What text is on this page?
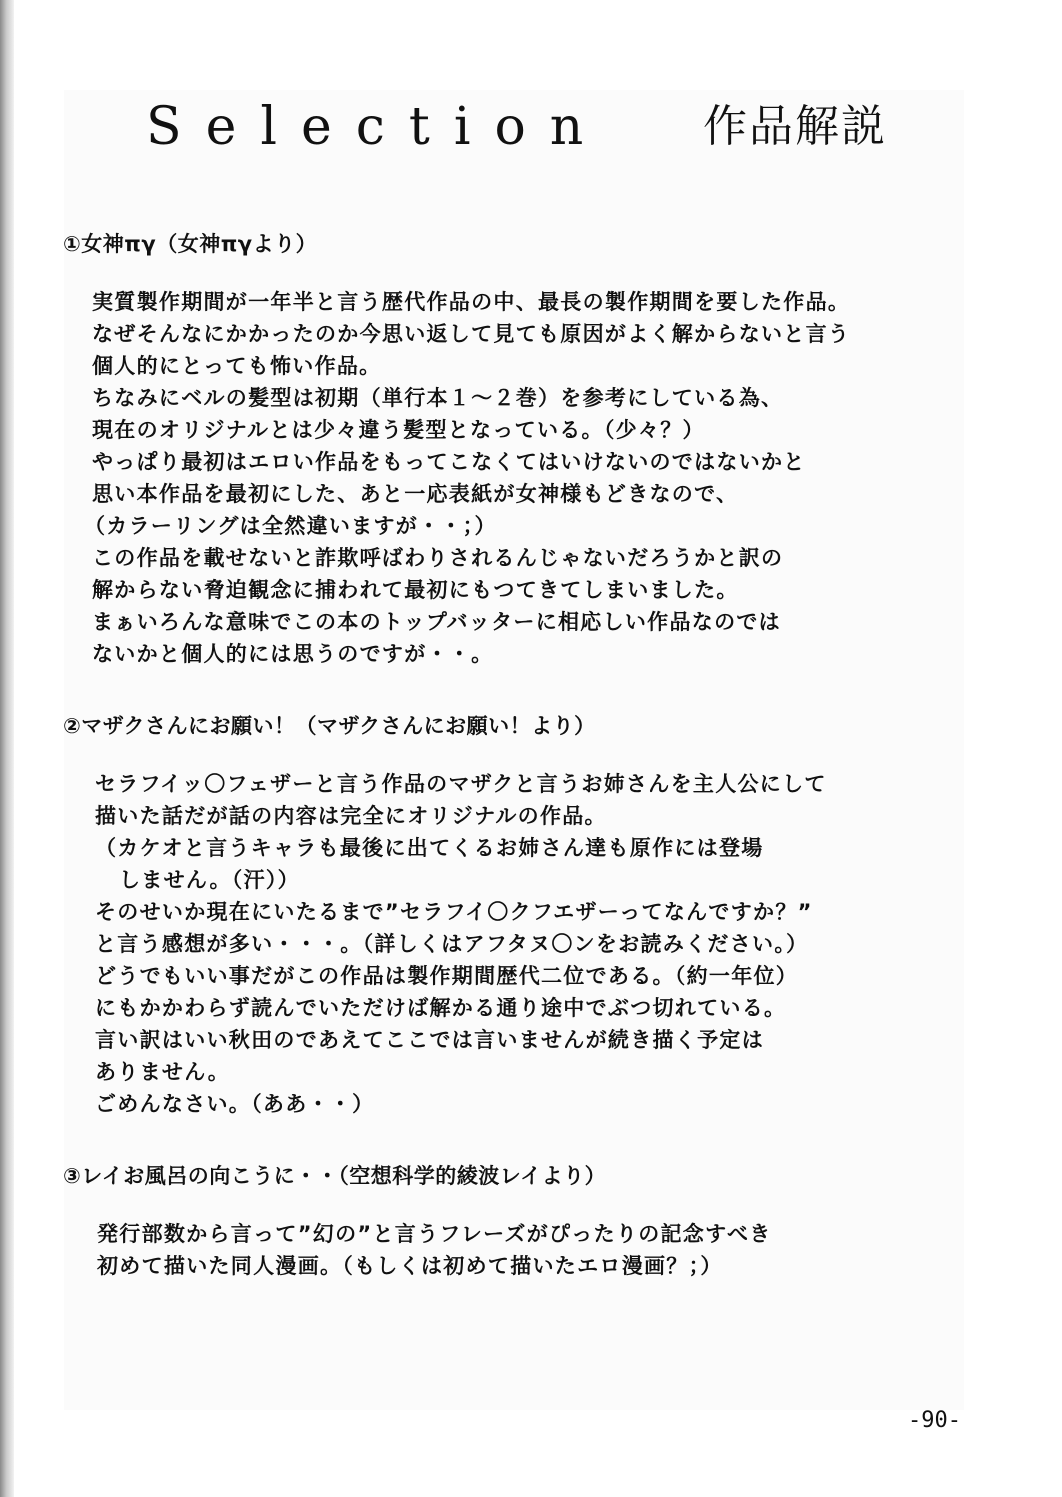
Selection 作品解説
①女神πγ（女神πγより）
実質製作期間が一年半と言う歴代作品の中、最長の製作期間を要した作品。
なぜそんなにかかったのか今思い返して見ても原因がよく解からないと言う
個人的にとっても怖い作品。
ちなみにベルの髪型は初期（単行本１～２巻）を参考にしている為、
現在のオリジナルとは少々違う髪型となっている。（少々？）
やっぱり最初はエロい作品をもってこなくてはいけないのではないかと
思い本作品を最初にした、あと一応表紙が女神様もどきなので、
（カラーリングは全然違いますが・・；）
この作品を載せないと詐欺呼ばわりされるんじゃないだろうかと訳の
解からない脅迫観念に捕われて最初にもつてきてしまいました。
まぁいろんな意味でこの本のトップバッターに相応しい作品なのでは
ないかと個人的には思うのですが・・。
②マザクさんにお願い！（マザクさんにお願い！より）
セラフイッ〇フェザーと言う作品のマザクと言うお姉さんを主人公にして
描いた話だが話の内容は完全にオリジナルの作品。
（カケオと言うキャラも最後に出てくるお姉さん達も原作には登場
しません。（汗））
そのせいか現在にいたるまで”セラフイ〇クフエザーってなんですか？”
と言う感想が多い・・・。（詳しくはアフタヌ〇ンをお読みください。）
どうでもいい事だがこの作品は製作期間歴代二位である。（約一年位）
にもかかわらず読んでいただけば解かる通り途中でぶつ切れている。
言い訳はいい秋田のであえてここでは言いませんが続き描く予定は
ありません。
ごめんなさい。（ああ・・）
③レイお風呂の向こうに・・（空想科学的綾波レイより）
発行部数から言って”幻の”と言うフレーズがぴったりの記念すべき
初めて描いた同人漫画。（もしくは初めて描いたエロ漫画？；）
-90-
